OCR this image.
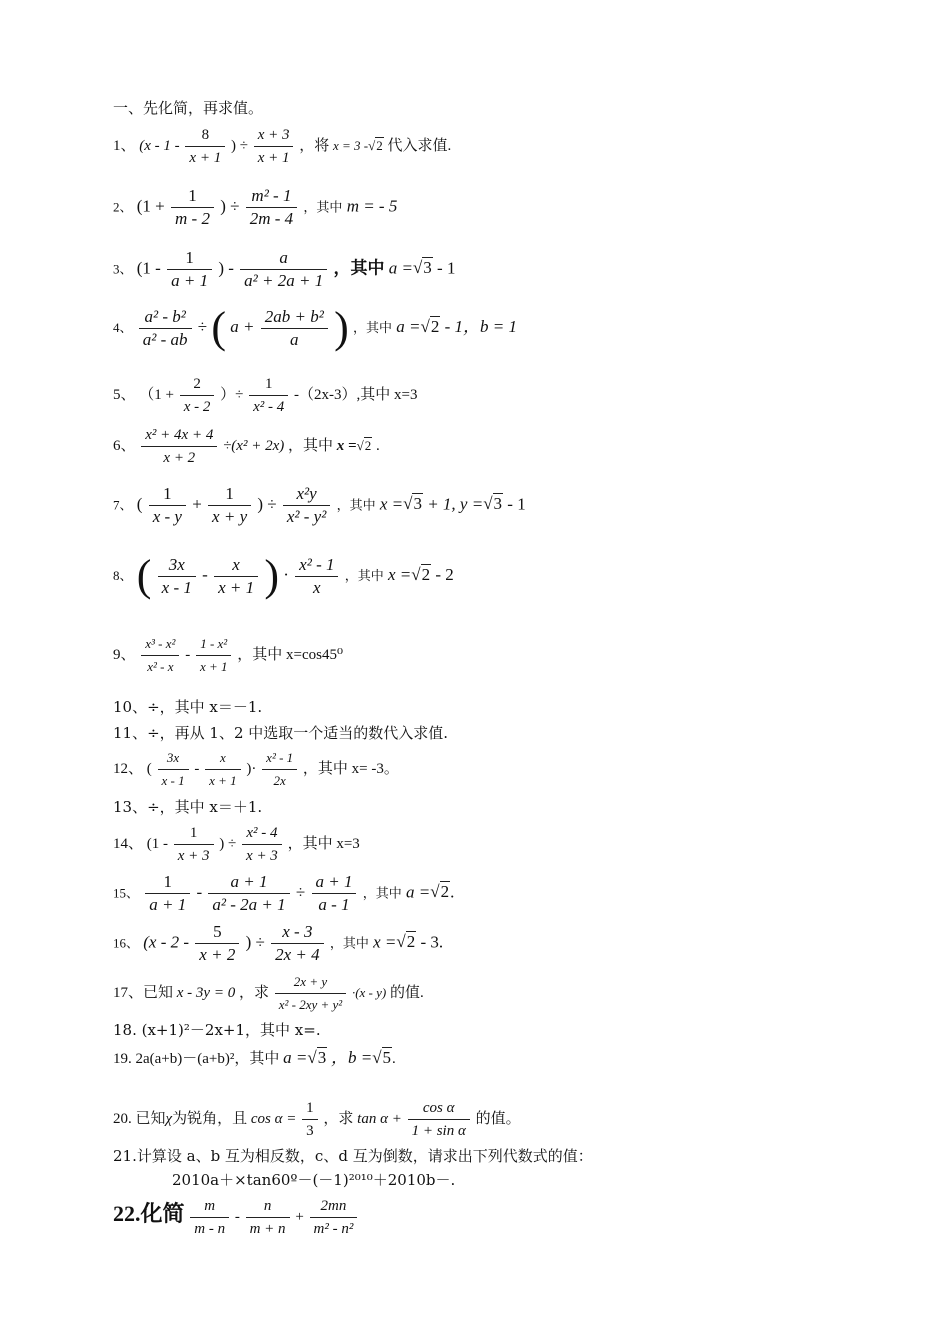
一、先化简，再求值。
1、 ($x - 1 - \frac{8}{x + 1}$ ) ÷ $\frac{x + 3}{x + 1}$ ，将 x = 3 -√2 代入求值.
2、 ($1 + \frac{1}{m - 2}$ ) ÷ $\frac{\text{m² - 1}}{2m - 4}$ ，其中 m = - 5
3、 ($1 - \frac{1}{a + 1}$ ) - $\frac{a}{\text{a² + 2a + 1}}$ ，其中 a =√3 - 1
4、 $\frac{\text{a² - b²}}{\text{a² - ab}}$ ÷ ( $a + \frac{\text{2ab + b²}}{a}$ ) ，其中 a =√2 - 1，b = 1
5、 （$1 + \frac{2}{x - 2}$ ）÷ $\frac{1}{\text{x² - 4}} -(2x-3)$,其中 x=3
6、 $\frac{\text{x² + 4x + 4}}{x + 2} \div(x^2 + 2x)$ ，其中 x =√2 .
7、 ( $\frac{1}{x - y} + \frac{1}{x + y}$ ) ÷ $\frac{\text{x²y}}{\text{x² - y²}}$ ，其中 x =√3 + 1, y =√3 - 1
8、 ( $\frac{3x}{x - 1} - \frac{x}{x + 1}$ ) · $\frac{\text{x² - 1}}{x}$ ，其中 x =√2 - 2
9、 $\frac{\text{x³ - x²}}{\text{x² - x}} - \frac{\text{1 - x²}}{x + 1}$ ，其中 x=cos45⁰
10、÷，其中 x＝－1.
11、÷，再从 1、2 中选取一个适当的数代入求值.
12、 ( $\frac{3x}{x - 1} - \frac{x}{x + 1}$ )· $\frac{\text{x² - 1}}{2x}$ ，其中 x= -3。
13、÷，其中 x＝＋1.
14、 ($1 - \frac{1}{x + 3}$ ) ÷ $\frac{\text{x² - 4}}{x + 3}$ ，其中 x=3
15、 $\frac{1}{a + 1} - \frac{a + 1}{\text{a² - 2a + 1}} \div \frac{a + 1}{a - 1}$ ，其中 a =√2.
16、 ($x - 2 - \frac{5}{x + 2}$ ) ÷ $\frac{x - 3}{2x + 4}$ ，其中 x =√2 - 3.
17、已知 x - 3y = 0 ，求 $\frac{2x + y}{\text{x² - 2xy + y²}} \cdot(x - y)$ 的值.
18. (x+1)²－2x+1，其中 x=.
19. 2a(a+b)－(a+b)²，其中 a =√3 ，b =√5.
20. 已知χ为锐角，且 $\cos \alpha = \frac{1}{3}$ ，求 $\tan \alpha + \frac{\text{cos α}}{\text{1 + sin α}}$ 的值。
21.计算设 a、b 互为相反数，c、d 互为倒数，请求出下列代数式的值：
2010a＋×tan60º－(－1)²⁰¹⁰＋2010b－.
22.化简 $\frac{m}{m - n} - \frac{n}{m + n} + \frac{2mn}{\text{m² - n²}}$
